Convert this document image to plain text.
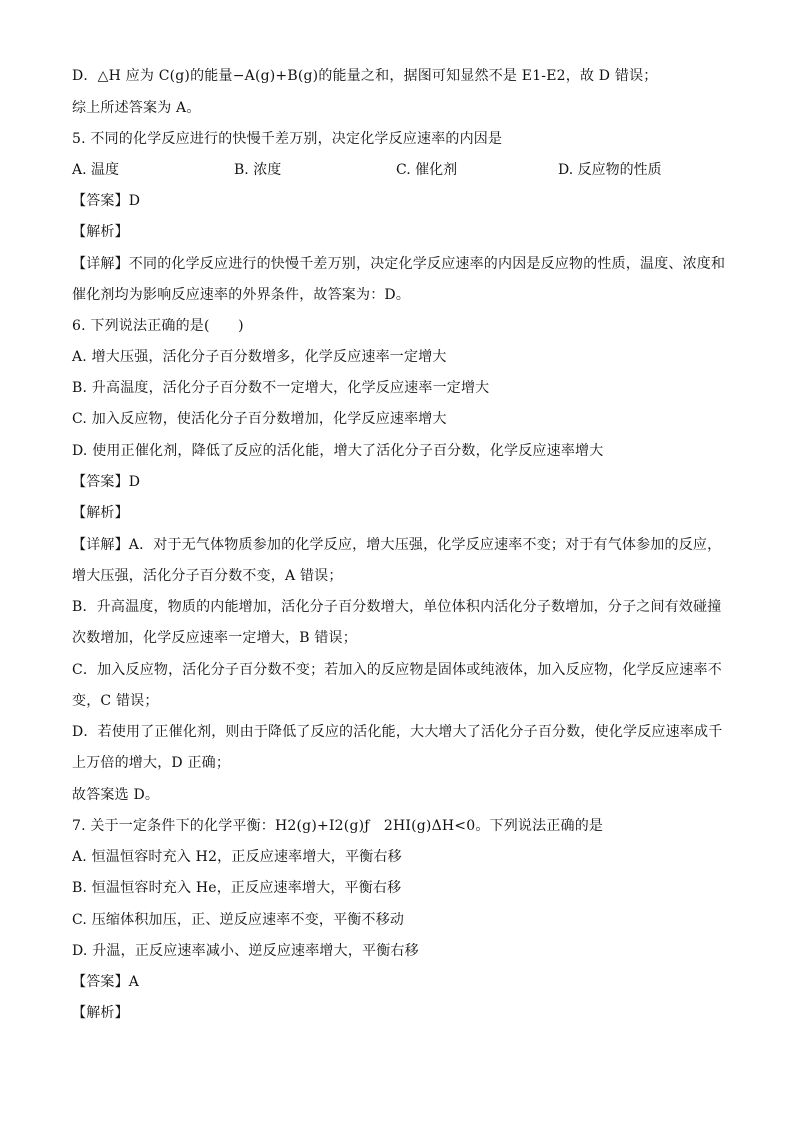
D．△H 应为 C(g)的能量−A(g)+B(g)的能量之和，据图可知显然不是 E1-E2，故 D 错误；
综上所述答案为 A。
5. 不同的化学反应进行的快慢千差万别，决定化学反应速率的内因是
A. 温度	B. 浓度	C. 催化剂	D. 反应物的性质
【答案】D
【解析】
【详解】不同的化学反应进行的快慢千差万别，决定化学反应速率的内因是反应物的性质，温度、浓度和
催化剂均为影响反应速率的外界条件，故答案为：D。
6. 下列说法正确的是(　　)
A. 增大压强，活化分子百分数增多，化学反应速率一定增大
B. 升高温度，活化分子百分数不一定增大，化学反应速率一定增大
C. 加入反应物，使活化分子百分数增加，化学反应速率增大
D. 使用正催化剂，降低了反应的活化能，增大了活化分子百分数，化学反应速率增大
【答案】D
【解析】
【详解】A．对于无气体物质参加的化学反应，增大压强，化学反应速率不变；对于有气体参加的反应，
增大压强，活化分子百分数不变，A 错误；
B．升高温度，物质的内能增加，活化分子百分数增大，单位体积内活化分子数增加，分子之间有效碰撞
次数增加，化学反应速率一定增大，B 错误；
C．加入反应物，活化分子百分数不变；若加入的反应物是固体或纯液体，加入反应物，化学反应速率不
变，C 错误；
D．若使用了正催化剂，则由于降低了反应的活化能，大大增大了活化分子百分数，使化学反应速率成千
上万倍的增大，D 正确；
故答案选 D。
7. 关于一定条件下的化学平衡：H2(g)+I2(g)ƒ　2HI(g)ΔH<0。下列说法正确的是
A. 恒温恒容时充入 H2，正反应速率增大，平衡右移
B. 恒温恒容时充入 He，正反应速率增大，平衡右移
C. 压缩体积加压，正、逆反应速率不变，平衡不移动
D. 升温，正反应速率减小、逆反应速率增大，平衡右移
【答案】A
【解析】
